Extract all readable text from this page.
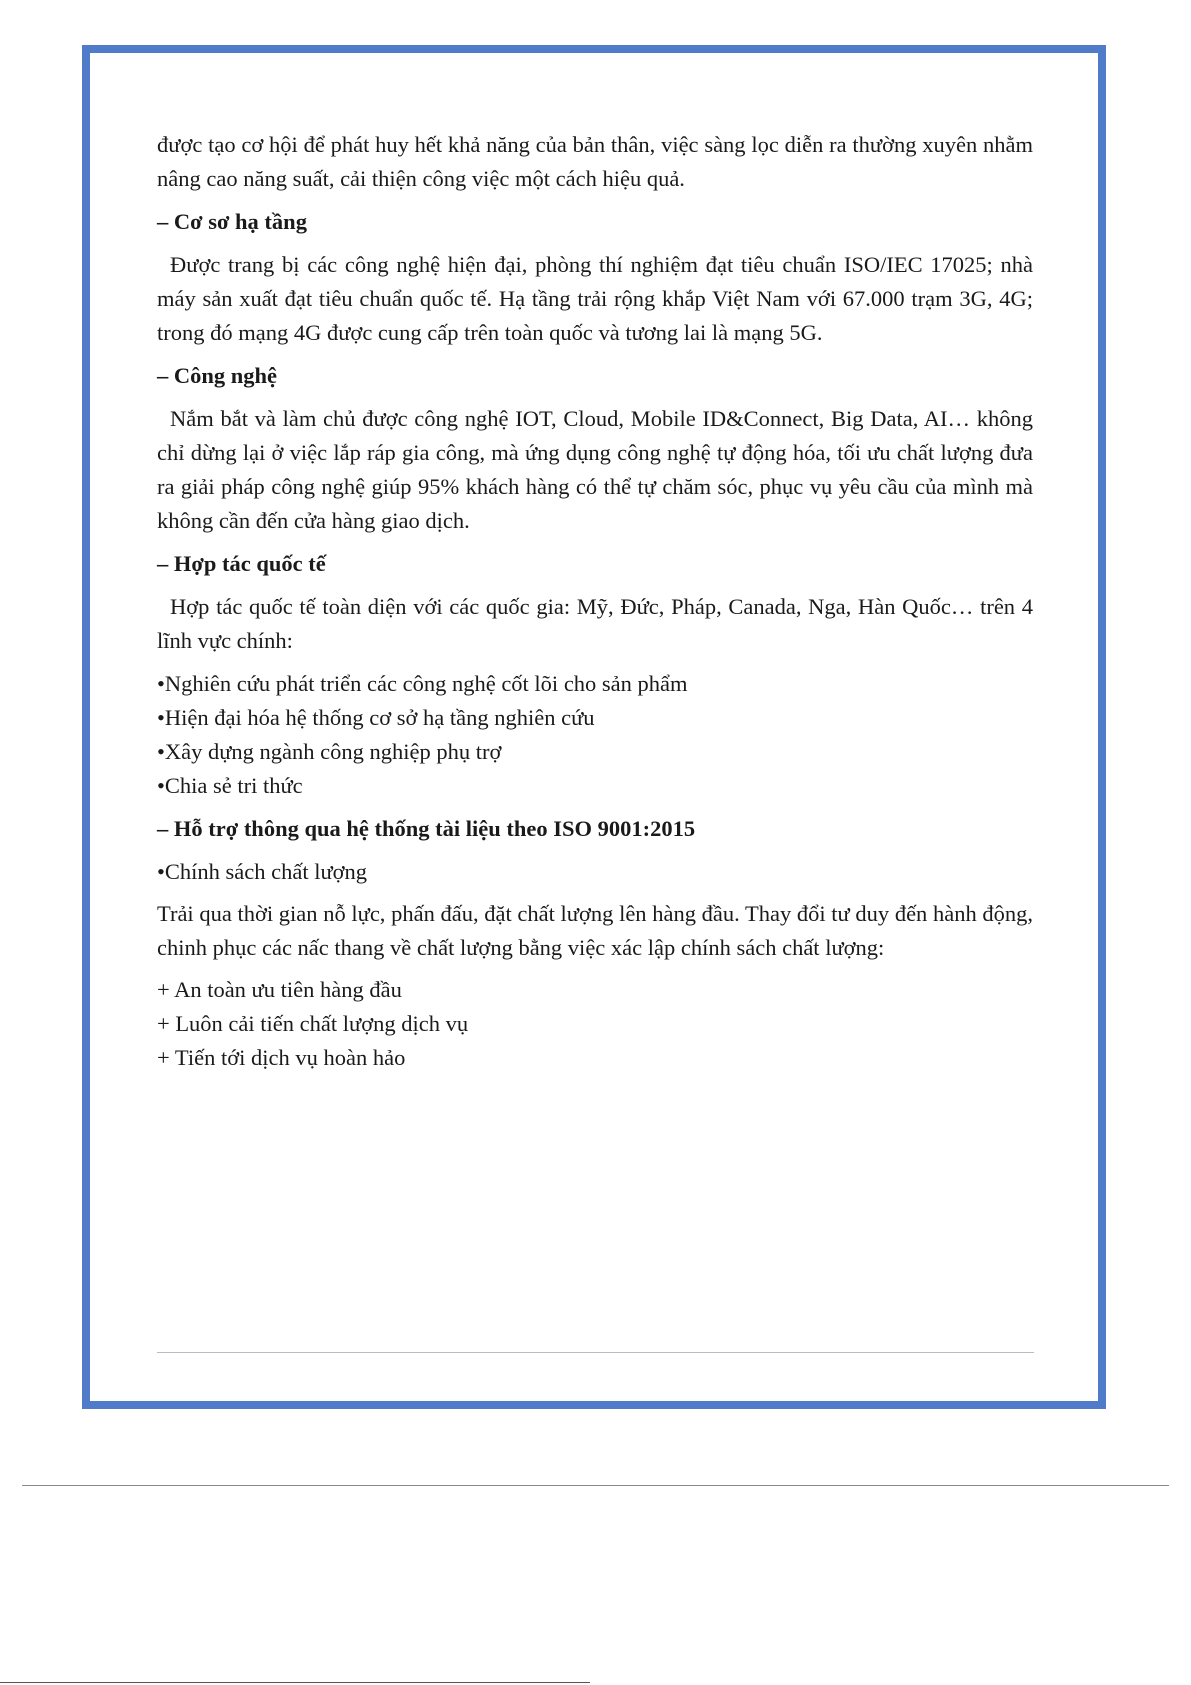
được tạo cơ hội để phát huy hết khả năng của bản thân, việc sàng lọc diễn ra thường xuyên nhằm nâng cao năng suất, cải thiện công việc một cách hiệu quả.

– Cơ sơ hạ tầng

Được trang bị các công nghệ hiện đại, phòng thí nghiệm đạt tiêu chuẩn ISO/IEC 17025; nhà máy sản xuất đạt tiêu chuẩn quốc tế. Hạ tầng trải rộng khắp Việt Nam với 67.000 trạm 3G, 4G; trong đó mạng 4G được cung cấp trên toàn quốc và tương lai là mạng 5G.

– Công nghệ

Nắm bắt và làm chủ được công nghệ IOT, Cloud, Mobile ID&Connect, Big Data, AI… không chỉ dừng lại ở việc lắp ráp gia công, mà ứng dụng công nghệ tự động hóa, tối ưu chất lượng đưa ra giải pháp công nghệ giúp 95% khách hàng có thể tự chăm sóc, phục vụ yêu cầu của mình mà không cần đến cửa hàng giao dịch.

– Hợp tác quốc tế

Hợp tác quốc tế toàn diện với các quốc gia: Mỹ, Đức, Pháp, Canada, Nga, Hàn Quốc… trên 4 lĩnh vực chính:

•Nghiên cứu phát triển các công nghệ cốt lõi cho sản phẩm

•Hiện đại hóa hệ thống cơ sở hạ tầng nghiên cứu

•Xây dựng ngành công nghiệp phụ trợ

•Chia sẻ tri thức

– Hỗ trợ thông qua hệ thống tài liệu theo ISO 9001:2015

•Chính sách chất lượng

Trải qua thời gian nỗ lực, phấn đấu, đặt chất lượng lên hàng đầu. Thay đổi tư duy đến hành động, chinh phục các nấc thang về chất lượng bằng việc xác lập chính sách chất lượng:

+ An toàn ưu tiên hàng đầu

+ Luôn cải tiến chất lượng dịch vụ

+ Tiến tới dịch vụ hoàn hảo
